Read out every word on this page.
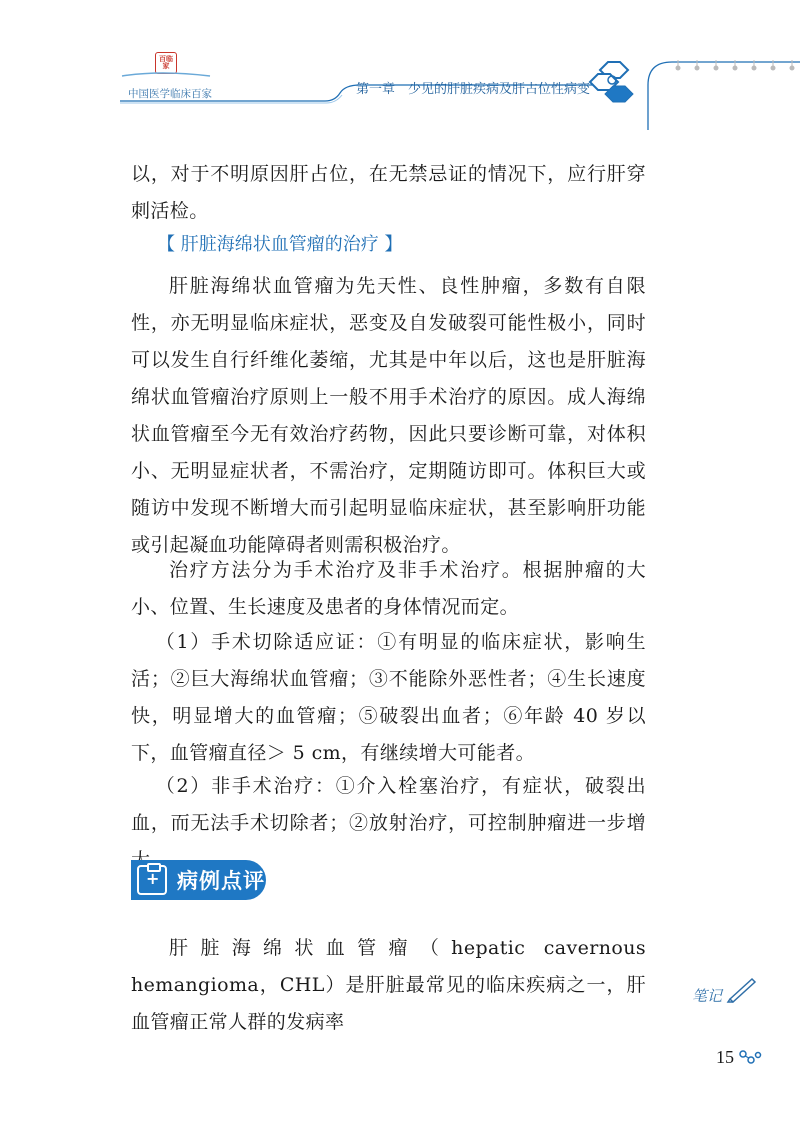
百临家
中国医学临床百家	第一章　少见的肝脏疾病及肝占位性病变
以，对于不明原因肝占位，在无禁忌证的情况下，应行肝穿刺活检。
【 肝脏海绵状血管瘤的治疗 】
肝脏海绵状血管瘤为先天性、良性肿瘤，多数有自限性，亦无明显临床症状，恶变及自发破裂可能性极小，同时可以发生自行纤维化萎缩，尤其是中年以后，这也是肝脏海绵状血管瘤治疗原则上一般不用手术治疗的原因。成人海绵状血管瘤至今无有效治疗药物，因此只要诊断可靠，对体积小、无明显症状者，不需治疗，定期随访即可。体积巨大或随访中发现不断增大而引起明显临床症状，甚至影响肝功能或引起凝血功能障碍者则需积极治疗。
治疗方法分为手术治疗及非手术治疗。根据肿瘤的大小、位置、生长速度及患者的身体情况而定。
（1）手术切除适应证：①有明显的临床症状，影响生活；②巨大海绵状血管瘤；③不能除外恶性者；④生长速度快，明显增大的血管瘤；⑤破裂出血者；⑥年龄 40 岁以下，血管瘤直径＞ 5 cm，有继续增大可能者。
（2）非手术治疗：①介入栓塞治疗，有症状，破裂出血，而无法手术切除者；②放射治疗，可控制肿瘤进一步增
+
病例点评
肝脏海绵状血管瘤（hepatic cavernous hemangioma，CHL）是肝脏最常见的临床疾病之一，肝血管瘤正常人群的发病率
笔记
15
